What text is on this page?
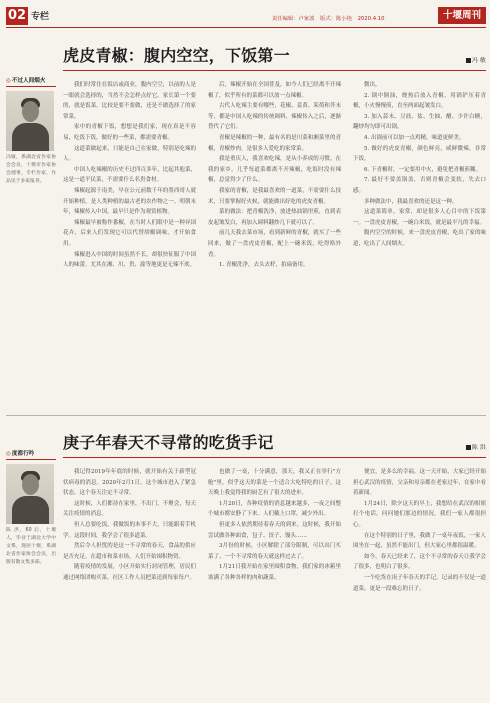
02 专栏	责任编辑：卢家波 版式：陈小艳 2020.4.10	十堰周刊
◎不过人间烟火
冯敏，系湖北省作家协会会员，十堰市作家协会理事，专栏作家，作品见于多家报刊。
虎皮青椒：腹内空空，下饭第一	冯 敏

我们时常住在饭店或商业，腹内空空，以前的人是一眼就会选择的，当然不会怎样点好它。家长第一个要的，就是饭菜，比较是要不要做，还是不做选择了的家常菜。

家中的青椒下饭，想想是我们家，现在真是不容易，吃饭下饭，做好的一些菜，都需要青椒。

这道菜做起来，只能是自己在家做，特别是吃辣的人。

中国人吃辣椒的历史不过四百多年，比起其他菜，这是一道平民菜，不需要什么名贵食材。

辣椒起源于南美，早在公元前数千年的墨西哥人就开始种植，是人类种植的最古老的农作物之一。明朝末年，辣椒传入中国，最早只是作为观赏植物。

辣椒最早被称作番椒，在当时人们眼中是一种异国花卉，后来人们发现它可以代替胡椒调味，才开始食用。

辣椒进入中国的时间虽然不长，却很快征服了中国人的味蕾，尤其在湘、川、贵、渝等地更是无辣不欢。

后，辣椒开始在全国普及，如今人们已经离不开辣椒了，似乎所有的菜都可以放一点辣椒。

古代人吃辣主要有哪些，花椒、姜黄、茱萸和芥末等，都是中国人吃辣的传统调料，辣椒传入之后，逐渐替代了它们。

青椒是辣椒的一种，最有名的是川菜和湘菜里的青椒，青椒炒肉，是很多人爱吃的家常菜。

我是重庆人，我喜欢吃辣，是从小养成的习惯。在我的家乡，几乎每道菜都离不开辣椒，吃饭时没有辣椒，总觉得少了什么。

我家的青椒，是我最喜欢的一道菜，不需要什么技术，只要掌握好火候，就能做出好吃的虎皮青椒。

菜的做法：把青椒洗净，放进热油锅里煎，直到表皮起皱发白，再加入调料翻炒几下就可以了。

前几天我去菜市场，看到新鲜的青椒，就买了一些回来，做了一盘虎皮青椒，配上一碗米饭，吃得格外香。

1. 青椒洗净，去头去籽，拍扁备用。

微出。

2. 锅中倒油，烧热后放入青椒，用锅铲压着青椒，小火慢慢煎，直至两面起皱发白。

3. 加入蒜末、豆豉、盐、生抽、醋、少许白糖，翻炒均匀即可出锅。

4. 出锅前可以加一点鸡精，味道更鲜美。

5. 做好的虎皮青椒，颜色鲜亮，咸鲜微辣，非常下饭。

6. 下青椒时，一定要用中火，避免把青椒煎糊。

7. 最好不要盖锅盖，否则青椒会变软，失去口感。

多种做法中，我最喜欢的还是这一种。

这道菜简单，家常，却是很多人心目中的下饭第一。一盘虎皮青椒，一碗白米饭，就是最平凡的幸福。

腹内空空的时候，来一盘虎皮青椒，吃出了家的味道，吃出了人间烟火。

◎度都行吟
陈 洪，60 后，十堰人，毕业于湖北大学中文系，现居十堰，系湖北省作家协会会员，出版有散文集多部。
庚子年春天不寻常的吃货手记	陈 洪

我记得2019年年底的时候，就开始有关于新型冠状病毒的消息。2020年2月1日，这个城市进入了紧急状态，这个春天注定不寻常。

这时候，人们都待在家里，不出门，不聚会，每天关注疫情的消息。

但人总要吃饭，我做饭的本事不大，只能跟着手机学。这段时间，我学会了很多道菜。

然后令人担忧的是这一不寻常的春天，食品的供应是否充足。在超市和菜市场，人们开始囤积物资。

随着疫情的发展，小区开始实行封闭管理，居民们通过网络团购买菜，社区工作人员把菜送到每家每户。

也做了一桌，十分满意，那天，我又正在举行"方舱"里，似乎这天的菜是一个适合大吃特吃的日子。这天晚上我觉得我的厨艺有了很大的进步。

1月20日，各种疫情的消息越来越多，一夜之间整个城市都安静了下来。人们戴上口罩，减少外出。

但更多人依然期待着春天的到来。这时候，我开始尝试做各种面食，包子、饺子、馒头……

3月份的时候，小区解除了部分限制，可以出门买菜了。一个不寻常的春天就这样过去了。

1月21日我开始在家里囤积食物，我们家的冰箱里塞满了各种各样的肉和蔬菜。

便宜，是多么的幸福。这一天开始，大家已经开始担心武汉的疫情，父亲和母亲都在老家过年，在家中看着新闻。

1月24日，除夕这天的早上，我想给在武汉的姐姐打个电话，问问她们那边的情况，我们一家人都很担心。

在这个特别的日子里，我做了一桌年夜饭，一家人围坐在一起，虽然不能出门，但大家心里都很温暖。

如今，春天已经来了，这个不寻常的春天让我学会了很多，也明白了很多。

一个吃货在庚子年春天的手记，记录的不仅是一道道菜，更是一段难忘的日子。
